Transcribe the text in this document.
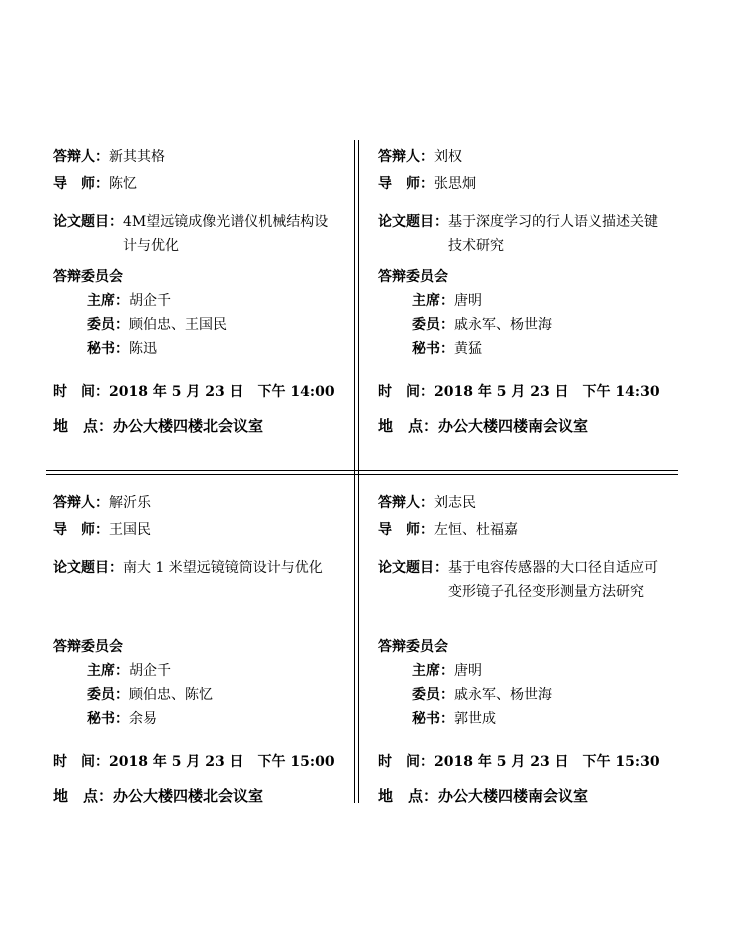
答辩人：新其其格
导　师：陈忆
论文题目： 4M望远镜成像光谱仪机械结构设计与优化
答辩委员会
主席：胡企千
委员：顾伯忠、王国民
秘书：陈迅
时　间：2018 年 5 月 23 日　下午 14:00
地　点：办公大楼四楼北会议室
答辩人：刘权
导　师：张思炯
论文题目： 基于深度学习的行人语义描述关键技术研究
答辩委员会
主席：唐明
委员：戚永军、杨世海
秘书：黄猛
时　间：2018 年 5 月 23 日　下午 14:30
地　点：办公大楼四楼南会议室
答辩人：解沂乐
导　师：王国民
论文题目： 南大 1 米望远镜镜筒设计与优化
答辩委员会
主席：胡企千
委员：顾伯忠、陈忆
秘书：余易
时　间：2018 年 5 月 23 日　下午 15:00
地　点：办公大楼四楼北会议室
答辩人：刘志民
导　师：左恒、杜福嘉
论文题目： 基于电容传感器的大口径自适应可变形镜子孔径变形测量方法研究
答辩委员会
主席：唐明
委员：戚永军、杨世海
秘书：郭世成
时　间：2018 年 5 月 23 日　下午 15:30
地　点：办公大楼四楼南会议室
